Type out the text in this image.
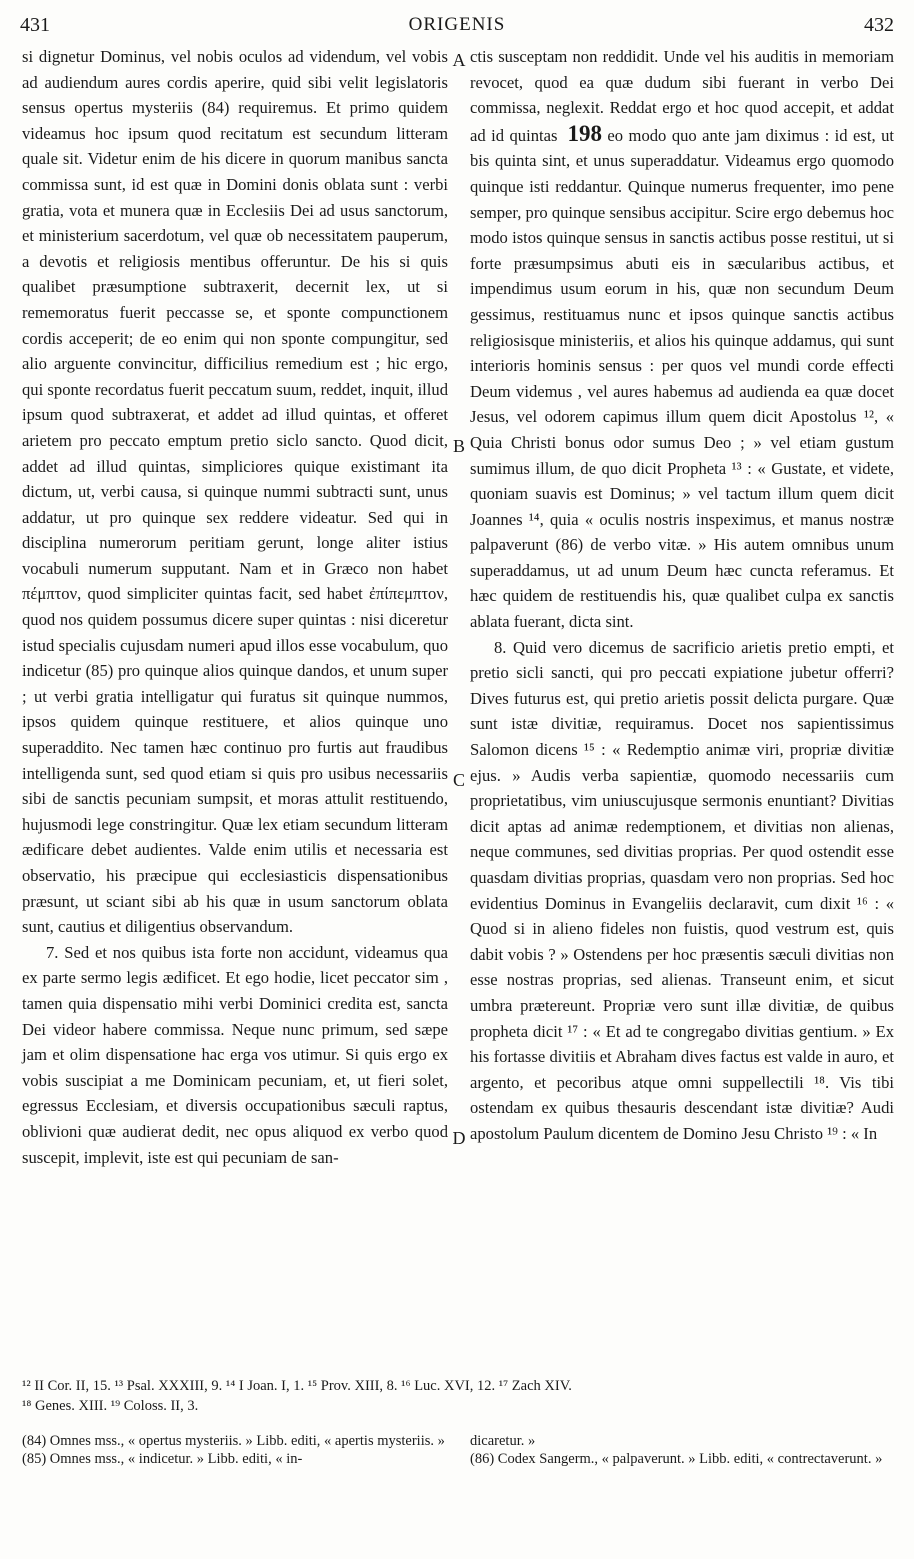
431	ORIGENIS	432

si dignetur Dominus, vel nobis oculos ad videndum, vel vobis ad audiendum aures cordis aperire, quid sibi velit legislatoris sensus opertus mysteriis (84) requiremus. Et primo quidem videamus hoc ipsum quod recitatum est secundum litteram quale sit. Videtur enim de his dicere in quorum manibus sancta commissa sunt, id est quæ in Domini donis oblata sunt : verbi gratia, vota et munera quæ in Ecclesiis Dei ad usus sanctorum, et ministerium sacerdotum, vel quæ ob necessitatem pauperum, a devotis et religiosis mentibus offeruntur. De his si quis qualibet præsumptione subtraxerit, decernit lex, ut si rememoratus fuerit peccasse se, et sponte compunctionem cordis acceperit; de eo enim qui non sponte compungitur, sed alio arguente convincitur, difficilius remedium est ; hic ergo, qui sponte recordatus fuerit peccatum suum, reddet, inquit, illud ipsum quod subtraxerat, et addet ad illud quintas, et offeret arietem pro peccato emptum pretio siclo sancto. Quod dicit, addet ad illud quintas, simpliciores quique existimant ita dictum, ut, verbi causa, si quinque nummi subtracti sunt, unus addatur, ut pro quinque sex reddere videatur. Sed qui in disciplina numerorum peritiam gerunt, longe aliter istius vocabuli numerum supputant. Nam et in Græco non habet πέμπτον, quod simpliciter quintas facit, sed habet ἐπίπεμπτον, quod nos quidem possumus dicere super quintas : nisi diceretur istud specialis cujusdam numeri apud illos esse vocabulum, quo indicetur (85) pro quinque alios quinque dandos, et unum super ; ut verbi gratia intelligatur qui furatus sit quinque nummos, ipsos quidem quinque restituere, et alios quinque uno superaddito. Nec tamen hæc continuo pro furtis aut fraudibus intelligenda sunt, sed quod etiam si quis pro usibus necessariis sibi de sanctis pecuniam sumpsit, et moras attulit restituendo, hujusmodi lege constringitur. Quæ lex etiam secundum litteram ædificare debet audientes. Valde enim utilis et necessaria est observatio, his præcipue qui ecclesiasticis dispensationibus præsunt, ut sciant sibi ab his quæ in usum sanctorum oblata sunt, cautius et diligentius observandum.

7. Sed et nos quibus ista forte non accidunt, videamus qua ex parte sermo legis ædificet. Et ego hodie, licet peccator sim , tamen quia dispensatio mihi verbi Dominici credita est, sancta Dei videor habere commissa. Neque nunc primum, sed sæpe jam et olim dispensatione hac erga vos utimur. Si quis ergo ex vobis suscipiat a me Dominicam pecuniam, et, ut fieri solet, egressus Ecclesiam, et diversis occupationibus sæculi raptus, oblivioni quæ audierat dedit, nec opus aliquod ex verbo quod suscepit, implevit, iste est qui pecuniam de san-

A
B
C
D

ctis susceptam non reddidit. Unde vel his auditis in memoriam revocet, quod ea quæ dudum sibi fuerant in verbo Dei commissa, neglexit. Reddat ergo et hoc quod accepit, et addat ad id quintas 198 eo modo quo ante jam diximus : id est, ut bis quinta sint, et unus superaddatur. Videamus ergo quomodo quinque isti reddantur. Quinque numerus frequenter, imo pene semper, pro quinque sensibus accipitur. Scire ergo debemus hoc modo istos quinque sensus in sanctis actibus posse restitui, ut si forte præsumpsimus abuti eis in sæcularibus actibus, et impendimus usum eorum in his, quæ non secundum Deum gessimus, restituamus nunc et ipsos quinque sanctis actibus religiosisque ministeriis, et alios his quinque addamus, qui sunt interioris hominis sensus : per quos vel mundi corde effecti Deum videmus , vel aures habemus ad audienda ea quæ docet Jesus, vel odorem capimus illum quem dicit Apostolus ¹², « Quia Christi bonus odor sumus Deo ; » vel etiam gustum sumimus illum, de quo dicit Propheta ¹³ : « Gustate, et videte, quoniam suavis est Dominus; » vel tactum illum quem dicit Joannes ¹⁴, quia « oculis nostris inspeximus, et manus nostræ palpaverunt (86) de verbo vitæ. » His autem omnibus unum superaddamus, ut ad unum Deum hæc cuncta referamus. Et hæc quidem de restituendis his, quæ qualibet culpa ex sanctis ablata fuerant, dicta sint.

8. Quid vero dicemus de sacrificio arietis pretio empti, et pretio sicli sancti, qui pro peccati expiatione jubetur offerri? Dives futurus est, qui pretio arietis possit delicta purgare. Quæ sunt istæ divitiæ, requiramus. Docet nos sapientissimus Salomon dicens ¹⁵ : « Redemptio animæ viri, propriæ divitiæ ejus. » Audis verba sapientiæ, quomodo necessariis cum proprietatibus, vim uniuscujusque sermonis enuntiant? Divitias dicit aptas ad animæ redemptionem, et divitias non alienas, neque communes, sed divitias proprias. Per quod ostendit esse quasdam divitias proprias, quasdam vero non proprias. Sed hoc evidentius Dominus in Evangeliis declaravit, cum dixit ¹⁶ : « Quod si in alieno fideles non fuistis, quod vestrum est, quis dabit vobis ? » Ostendens per hoc præsentis sæculi divitias non esse nostras proprias, sed alienas. Transeunt enim, et sicut umbra prætereunt. Propriæ vero sunt illæ divitiæ, de quibus propheta dicit ¹⁷ : « Et ad te congregabo divitias gentium. » Ex his fortasse divitiis et Abraham dives factus est valde in auro, et argento, et pecoribus atque omni suppellectili ¹⁸. Vis tibi ostendam ex quibus thesauris descendant istæ divitiæ? Audi apostolum Paulum dicentem de Domino Jesu Christo ¹⁹ : « In

¹² II Cor. II, 15. ¹³ Psal. XXXIII, 9. ¹⁴ I Joan. I, 1. ¹⁵ Prov. XIII, 8. ¹⁶ Luc. XVI, 12. ¹⁷ Zach XIV.
¹⁸ Genes. XIII. ¹⁹ Coloss. II, 3.

(84) Omnes mss., « opertus mysteriis. » Libb. editi, « apertis mysteriis. »

(85) Omnes mss., « indicetur. » Libb. editi, « in-

dicaretur. »

(86) Codex Sangerm., « palpaverunt. » Libb. editi, « contrectaverunt. »
